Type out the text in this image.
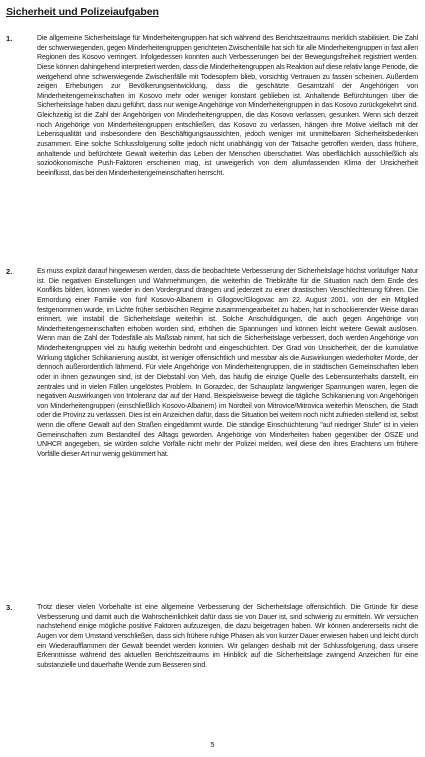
Sicherheit und Polizeiaufgaben
1.	Die allgemeine Sicherheitslage für Minderheitengruppen hat sich während des Berichtszeitraums merklich stabilisiert. Die Zahl der schwerwiegenden, gegen Minderheitengruppen gerichteten Zwischenfälle hat sich für alle Minderheitengruppen in fast allen Regionen des Kosovo verringert. Infolgedessen konnten auch Verbesserungen bei der Bewegungsfreiheit registriert werden. Diese können dahingehend interpretiert werden, dass die Minderheitengruppen als Reaktion auf diese relativ lange Periode, die weitgehend ohne schwerwiegende Zwischenfälle mit Todesopfern blieb, vorsichtig Vertrauen zu fassen scheinen. Außerdem zeigen Erhebungen zur Bevölkerungsentwicklung, dass die geschätzte Gesamtzahl der Angehörigen von Minderheitengemeinschaften im Kosovo mehr oder weniger konstant geblieben ist. Anhaltende Befürchtungen über die Sicherheitslage haben dazu geführt, dass nur wenige Angehörige von Minderheitengruppen in das Kosovo zurückgekehrt sind. Gleichzeitig ist die Zahl der Angehörigen von Minderheitengruppen, die das Kosovo verlassen, gesunken. Wenn sich derzeit noch Angehörige von Minderheitengruppen entschließen, das Kosovo zu verlassen, hängen ihre Motive vielfach mit der Lebensqualität und insbesondere den Beschäftigungsaussichten, jedoch weniger mit unmittelbaren Sicherheitsbedenken zusammen. Eine solche Schlussfolgerung sollte jedoch nicht unabhängig von der Tatsache getroffen werden, dass frühere, anhaltende und befürchtete Gewalt weiterhin das Leben der Menschen überschattet. Was oberflächlich ausschließlich als sozioökonomische Push-Faktoren erscheinen mag, ist unweigerlich von dem allumfassenden Klima der Unsicherheit beeinflusst, das bei den Minderheitengemeinschaften herrscht.
2.	Es muss explizit darauf hingewiesen werden, dass die beobachtete Verbesserung der Sicherheitslage höchst vorläufiger Natur ist. Die negativen Einstellungen und Wahrnehmungen, die weiterhin die Triebkräfte für die Situation nach dem Ende des Konflikts bilden, können wieder in den Vordergrund drängen und jederzeit zu einer drastischen Verschlechterung führen. Die Ermordung einer Familie von fünf Kosovo-Albanern in Gllogovc/Glogovac am 22. August 2001, von der ein Mitglied festgenommen wurde, im Lichte früher serbischen Regime zusammengearbeitet zu haben, hat in schockierender Weise daran erinnert, wie instabil die Sicherheitslage weiterhin ist. Solche Anschuldigungen, die auch gegen Angehörige von Minderheitengemeinschaften erhoben worden sind, erhöhen die Spannungen und können leicht weitere Gewalt auslösen. Wenn man die Zahl der Todesfälle als Maßstab nimmt, hat sich die Sicherheitslage verbessert, doch werden Angehörige von Minderheitengruppen viel zu häufig weiterhin bedroht und eingeschüchtert. Der Grad von Unsicherheit, der die kumulative Wirkung täglicher Schikanierung ausübt, ist weniger offensichtlich und messbar als die Auswirkungen wiederholter Morde, der dennoch außerordentlich lähmend. Für viele Angehörige von Minderheitengruppen, die in städtischen Gemeinschaften leben oder in ihnen gezwungen sind, ist der Diebstahl von Vieh, das häufig die einzige Quelle des Lebensunterhalts darstellt, ein zentrales und in vielen Fällen ungelöstes Problem. In Gorazdec, der Schauplatz langwieriger Spannungen waren, legen die negativen Auswirkungen von Intoleranz dar auf der Hand. Beispielsweise bewegt die tägliche Schikanierung von Angehörigen von Minderheitengruppen (einschließlich Kosovo-Albanern) im Nordteil von Mitrovice/Mitrovica weiterhin Menschen, die Stadt oder die Provinz zu verlassen. Dies ist ein Anzeichen dafür, dass die Situation bei weitem noch nicht zufrieden stellend ist, selbst wenn die offene Gewalt auf den Straßen eingedämmt wurde. Die ständige Einschüchterung "auf niedriger Stufe" ist in vielen Gemeinschaften zum Bestandteil des Alltags geworden. Angehörige von Minderheiten haben gegenüber der OSZE und UNHCR angegeben, sie würden solche Vorfälle nicht mehr der Polizei melden, weil diese den ihres Erachtens um frühere Vorfälle dieser Art nur wenig gekümmert hat.
3.	Trotz dieser vielen Vorbehalte ist eine allgemeine Verbesserung der Sicherheitslage offensichtlich. Die Gründe für diese Verbesserung und damit auch die Wahrscheinlichkeit dafür dass sie von Dauer ist, sind schwierig zu ermitteln. Wir versuchen nachstehend einige mögliche positive Faktoren aufzuzeigen, die dazu beigetragen haben. Wir können andererseits nicht die Augen vor dem Umstand verschließen, dass sich frühere ruhige Phasen als von kurzer Dauer erwiesen haben und leicht durch ein Wiederaufflammen der Gewalt beendet werden konnten. Wir gelangen deshalb mit der Schlussfolgerung, dass unsere Erkenntnisse während des aktuellen Berichtszeitraums im Hinblick auf die Sicherheitslage zwingend Anzeichen für eine substanzielle und dauerhafte Wende zum Besseren sind.
5
